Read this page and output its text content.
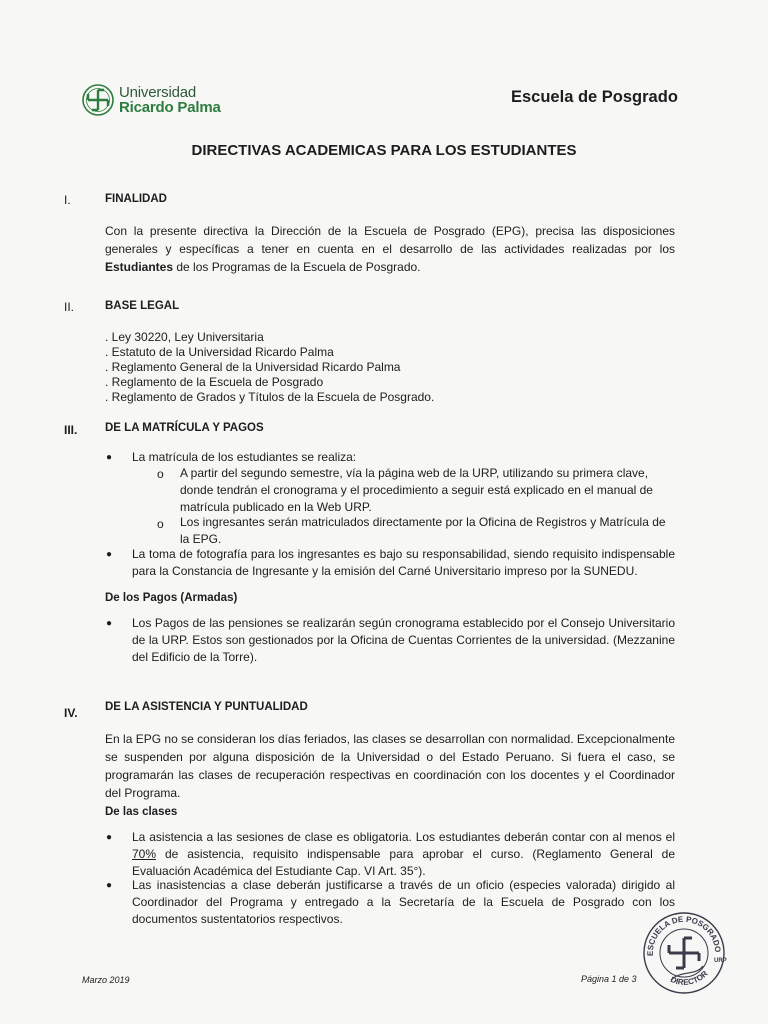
Universidad
Ricardo Palma
Escuela de Posgrado
DIRECTIVAS ACADEMICAS PARA LOS ESTUDIANTES
I.	FINALIDAD
Con la presente directiva la Dirección de la Escuela de Posgrado (EPG), precisa las disposiciones generales y específicas a tener en cuenta en el desarrollo de las actividades realizadas por los Estudiantes de los Programas de la Escuela de Posgrado.
II.	BASE LEGAL
. Ley 30220, Ley Universitaria
. Estatuto de la Universidad Ricardo Palma
. Reglamento General de la Universidad Ricardo Palma
. Reglamento de la Escuela de Posgrado
. Reglamento de Grados y Títulos de la Escuela de Posgrado.
III. DE LA MATRÍCULA Y PAGOS
● La matrícula de los estudiantes se realiza:
o A partir del segundo semestre, vía la página web de la URP, utilizando su primera clave, donde tendrán el cronograma y el procedimiento a seguir está explicado en el manual de matrícula publicado en la Web URP.
o Los ingresantes serán matriculados directamente por la Oficina de Registros y Matrícula de la EPG.
● La toma de fotografía para los ingresantes es bajo su responsabilidad, siendo requisito indispensable para la Constancia de Ingresante y la emisión del Carné Universitario impreso por la SUNEDU.
De los Pagos (Armadas)
● Los Pagos de las pensiones se realizarán según cronograma establecido por el Consejo Universitario de la URP. Estos son gestionados por la Oficina de Cuentas Corrientes de la universidad. (Mezzanine del Edificio de la Torre).
IV. DE LA ASISTENCIA Y PUNTUALIDAD
En la EPG no se consideran los días feriados, las clases se desarrollan con normalidad. Excepcionalmente se suspenden por alguna disposición de la Universidad o del Estado Peruano. Si fuera el caso, se programarán las clases de recuperación respectivas en coordinación con los docentes y el Coordinador del Programa.
De las clases
● La asistencia a las sesiones de clase es obligatoria. Los estudiantes deberán contar con al menos el 70% de asistencia, requisito indispensable para aprobar el curso. (Reglamento General de Evaluación Académica del Estudiante Cap. VI Art. 35°).
● Las inasistencias a clase deberán justificarse a través de un oficio (especies valorada) dirigido al Coordinador del Programa y entregado a la Secretaría de la Escuela de Posgrado con los documentos sustentatorios respectivos.
ESCUELA DE POSGRADO
DIRECTOR
URP
Marzo 2019	Página 1 de 3
